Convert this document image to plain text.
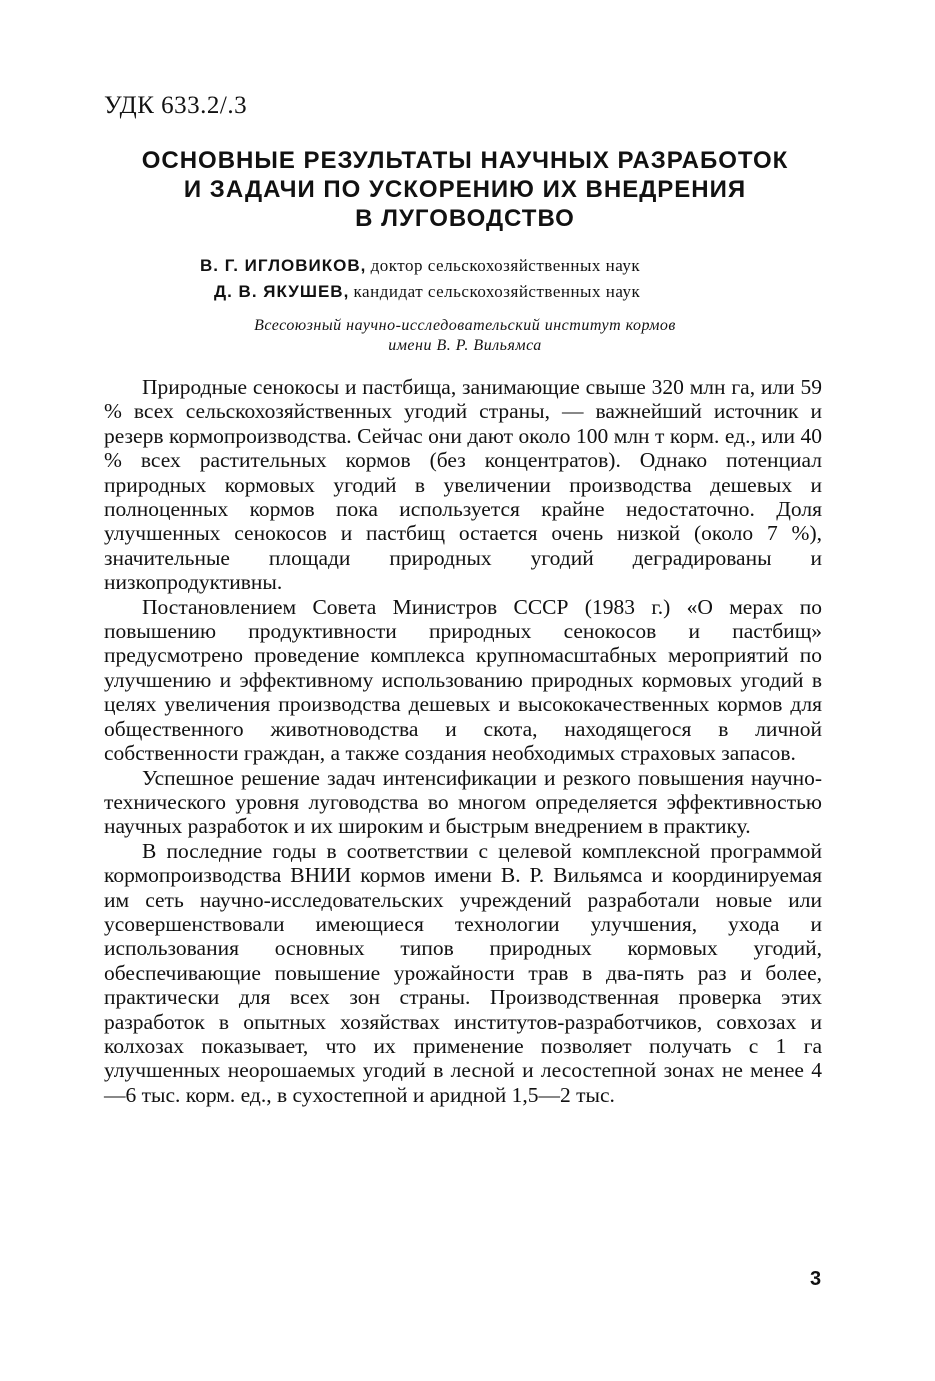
УДК 633.2/.3
ОСНОВНЫЕ РЕЗУЛЬТАТЫ НАУЧНЫХ РАЗРАБОТОК
И ЗАДАЧИ ПО УСКОРЕНИЮ ИХ ВНЕДРЕНИЯ
В ЛУГОВОДСТВО
В. Г. ИГЛОВИКОВ, доктор сельскохозяйственных наук
Д. В. ЯКУШЕВ, кандидат сельскохозяйственных наук
Всесоюзный научно-исследовательский институт кормов
имени В. Р. Вильямса

Природные сенокосы и пастбища, занимающие свыше 320 млн га, или 59 % всех сельскохозяйственных угодий страны, — важнейший источник и резерв кормопроизводства. Сейчас они дают около 100 млн т корм. ед., или 40 % всех растительных кормов (без концентратов). Однако потенциал природных кормовых угодий в увеличении производства дешевых и полноценных кормов пока используется крайне недостаточно. Доля улучшенных сенокосов и пастбищ остается очень низкой (около 7 %), значительные площади природных угодий деградированы и низкопродуктивны.

Постановлением Совета Министров СССР (1983 г.) «О мерах по повышению продуктивности природных сенокосов и пастбищ» предусмотрено проведение комплекса крупномасштабных мероприятий по улучшению и эффективному использованию природных кормовых угодий в целях увеличения производства дешевых и высококачественных кормов для общественного животноводства и скота, находящегося в личной собственности граждан, а также создания необходимых страховых запасов.

Успешное решение задач интенсификации и резкого повышения научно-технического уровня луговодства во многом определяется эффективностью научных разработок и их широким и быстрым внедрением в практику.

В последние годы в соответствии с целевой комплексной программой кормопроизводства ВНИИ кормов имени В. Р. Вильямса и координируемая им сеть научно-исследовательских учреждений разработали новые или усовершенствовали имеющиеся технологии улучшения, ухода и использования основных типов природных кормовых угодий, обеспечивающие повышение урожайности трав в два-пять раз и более, практически для всех зон страны. Производственная проверка этих разработок в опытных хозяйствах институтов-разработчиков, совхозах и колхозах показывает, что их применение позволяет получать с 1 га улучшенных неорошаемых угодий в лесной и лесостепной зонах не менее 4—6 тыс. корм. ед., в сухостепной и аридной 1,5—2 тыс.

3
